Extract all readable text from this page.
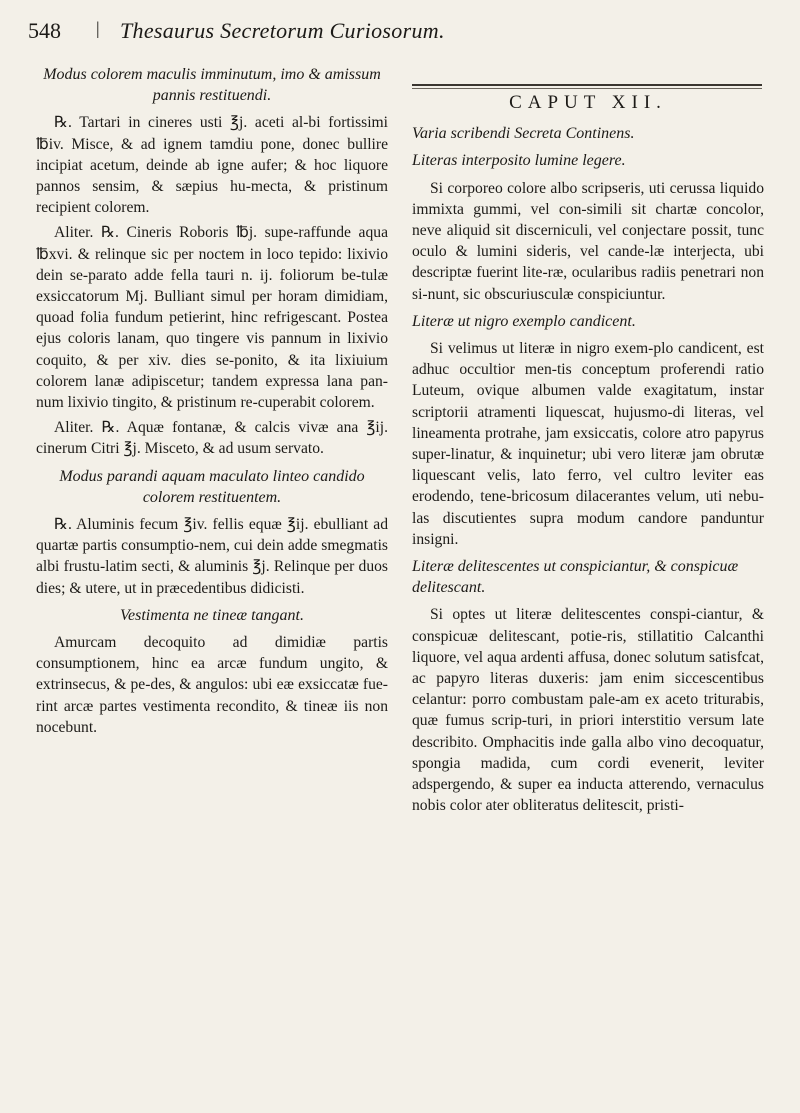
548 | Thesaurus Secretorum Curiosorum.

Modus colorem maculis imminutum, imo & amissum pannis restituendi.

℞. Tartari in cineres usti ℥j. aceti al-bi fortissimi ℔iv. Misce, & ad ignem tamdiu pone, donec bullire incipiat acetum, deinde ab igne aufer; & hoc liquore pannos sensim, & sæpius hu-mecta, & pristinum recipient colorem.

Aliter. ℞. Cineris Roboris ℔j. supe-raffunde aqua ℔xvi. & relinque sic per noctem in loco tepido: lixivio dein se-parato adde fella tauri n. ij. foliorum be-tulæ exsiccatorum Mj. Bulliant simul per horam dimidiam, quoad folia fundum petierint, hinc refrigescant. Postea ejus coloris lanam, quo tingere vis pannum in lixivio coquito, & per xiv. dies se-ponito, & ita lixiuium colorem lanæ adipiscetur; tandem expressa lana pan-num lixivio tingito, & pristinum re-cuperabit colorem.

Aliter. ℞. Aquæ fontanæ, & calcis vivæ ana ℥ij. cinerum Citri ℥j. Misceto, & ad usum servato.

Modus parandi aquam maculato linteo candido colorem restituentem.

℞. Aluminis fecum ℥iv. fellis equæ ℥ij. ebulliant ad quartæ partis consumptio-nem, cui dein adde smegmatis albi frustu-latim secti, & aluminis ℥j. Relinque per duos dies; & utere, ut in præcedentibus didicisti.

Vestimenta ne tineæ tangant.

Amurcam decoquito ad dimidiæ partis consumptionem, hinc ea arcæ fundum ungito, & extrinsecus, & pe-des, & angulos: ubi eæ exsiccatæ fue-rint arcæ partes vestimenta recondito, & tineæ iis non nocebunt.

CAPUT XII.

Varia scribendi Secreta Continens.

Literas interposito lumine legere.

Si corporeo colore albo scripseris, uti cerussa liquido immixta gummi, vel con-simili sit chartæ concolor, neve aliquid sit discerniculi, vel conjectare possit, tunc oculo & lumini sideris, vel cande-læ interjecta, ubi descriptæ fuerint lite-ræ, ocularibus radiis penetrari non si-nunt, sic obscuriusculæ conspiciuntur.

Literæ ut nigro exemplo candicent.

Si velimus ut literæ in nigro exem-plo candicent, est adhuc occultior men-tis conceptum proferendi ratio Luteum, ovique albumen valde exagitatum, instar scriptorii atramenti liquescat, hujusmo-di literas, vel lineamenta protrahe, jam exsiccatis, colore atro papyrus super-linatur, & inquinetur; ubi vero literæ jam obrutæ liquescant velis, lato ferro, vel cultro leviter eas erodendo, tene-bricosum dilacerantes velum, uti nebu-las discutientes supra modum candore panduntur insigni.

Literæ delitescentes ut conspiciantur, & conspicuæ delitescant.

Si optes ut literæ delitescentes conspi-ciantur, & conspicuæ delitescant, potie-ris, stillatitio Calcanthi liquore, vel aqua ardenti affusa, donec solutum satisfcat, ac papyro literas duxeris: jam enim siccescentibus celantur: porro combustam pale-am ex aceto triturabis, quæ fumus scrip-turi, in priori interstitio versum late describito. Omphacitis inde galla albo vino decoquatur, spongia madida, cum cordi evenerit, leviter adspergendo, & super ea inducta atterendo, vernaculus nobis color ater obliteratus delitescit, pristi-
